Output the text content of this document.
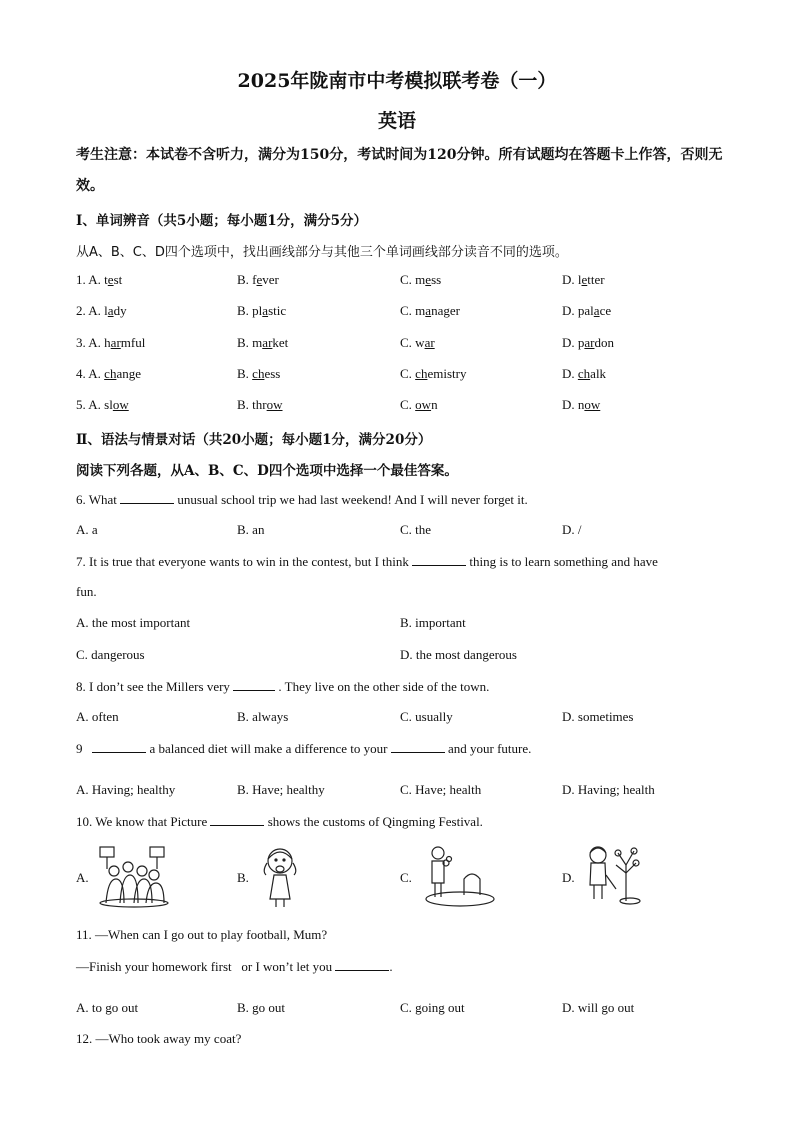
2025年陇南市中考模拟联考卷（一）
英语
考生注意：本试卷不含听力，满分为150分，考试时间为120分钟。所有试题均在答题卡上作答，否则无效。
Ⅰ、单词辨音（共5小题；每小题1分，满分5分）
从A、B、C、D四个选项中，找出画线部分与其他三个单词画线部分读音不同的选项。
1. A. test	B. fever	C. mess	D. letter
2. A. lady	B. plastic	C. manager	D. palace
3. A. harmful	B. market	C. war	D. pardon
4. A. change	B. chess	C. chemistry	D. chalk
5. A. slow	B. throw	C. own	D. now
Ⅱ、语法与情景对话（共20小题；每小题1分，满分20分）
阅读下列各题，从A、B、C、D四个选项中选择一个最佳答案。
6. What	unusual school trip we had last weekend! And I will never forget it.
A. a	B. an	C. the	D. /
7. It is true that everyone wants to win in the contest, but I think	thing is to learn something and have
fun.
A. the most important	B. important
C. dangerous	D. the most dangerous
8. I don’t see the Millers very	. They live on the other side of the town.
A. often	B. always	C. usually	D. sometimes
9	a balanced diet will make a difference to your	and your future.
A. Having; healthy	B. Have; healthy	C. Have; health	D. Having; health
10. We know that Picture	shows the customs of Qingming Festival.
A.	B.	C.	D.
11. —When can I go out to play football, Mum?
—Finish your homework first or I won’t let you	.
A. to go out	B. go out	C. going out	D. will go out
12. —Who took away my coat?
